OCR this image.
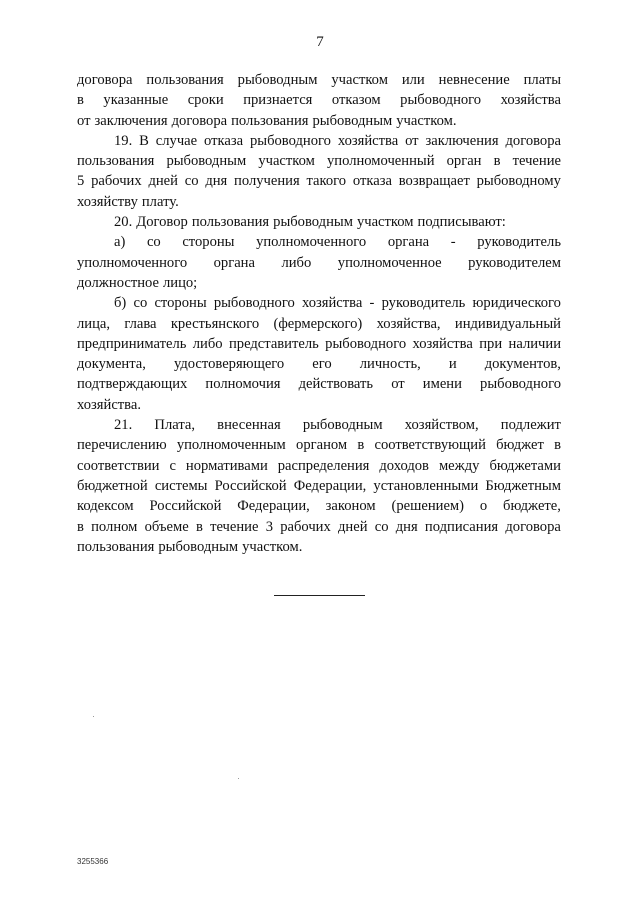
7
договора пользования рыбоводным участком или невнесение платы
в указанные сроки признается отказом рыбоводного хозяйства
от заключения договора пользования рыбоводным участком.
19. В случае отказа рыбоводного хозяйства от заключения договора
пользования рыбоводным участком уполномоченный орган в течение
5 рабочих дней со дня получения такого отказа возвращает рыбоводному
хозяйству плату.
20. Договор пользования рыбоводным участком подписывают:
а) со стороны уполномоченного органа - руководитель
уполномоченного органа либо уполномоченное руководителем
должностное лицо;
б) со стороны рыбоводного хозяйства - руководитель юридического
лица, глава крестьянского (фермерского) хозяйства, индивидуальный
предприниматель либо представитель рыбоводного хозяйства при наличии
документа, удостоверяющего его личность, и документов,
подтверждающих полномочия действовать от имени рыбоводного
хозяйства.
21. Плата, внесенная рыбоводным хозяйством, подлежит
перечислению уполномоченным органом в соответствующий бюджет в
соответствии с нормативами распределения доходов между бюджетами
бюджетной системы Российской Федерации, установленными Бюджетным
кодексом Российской Федерации, законом (решением) о бюджете,
в полном объеме в течение 3 рабочих дней со дня подписания договора
пользования рыбоводным участком.
3255366
